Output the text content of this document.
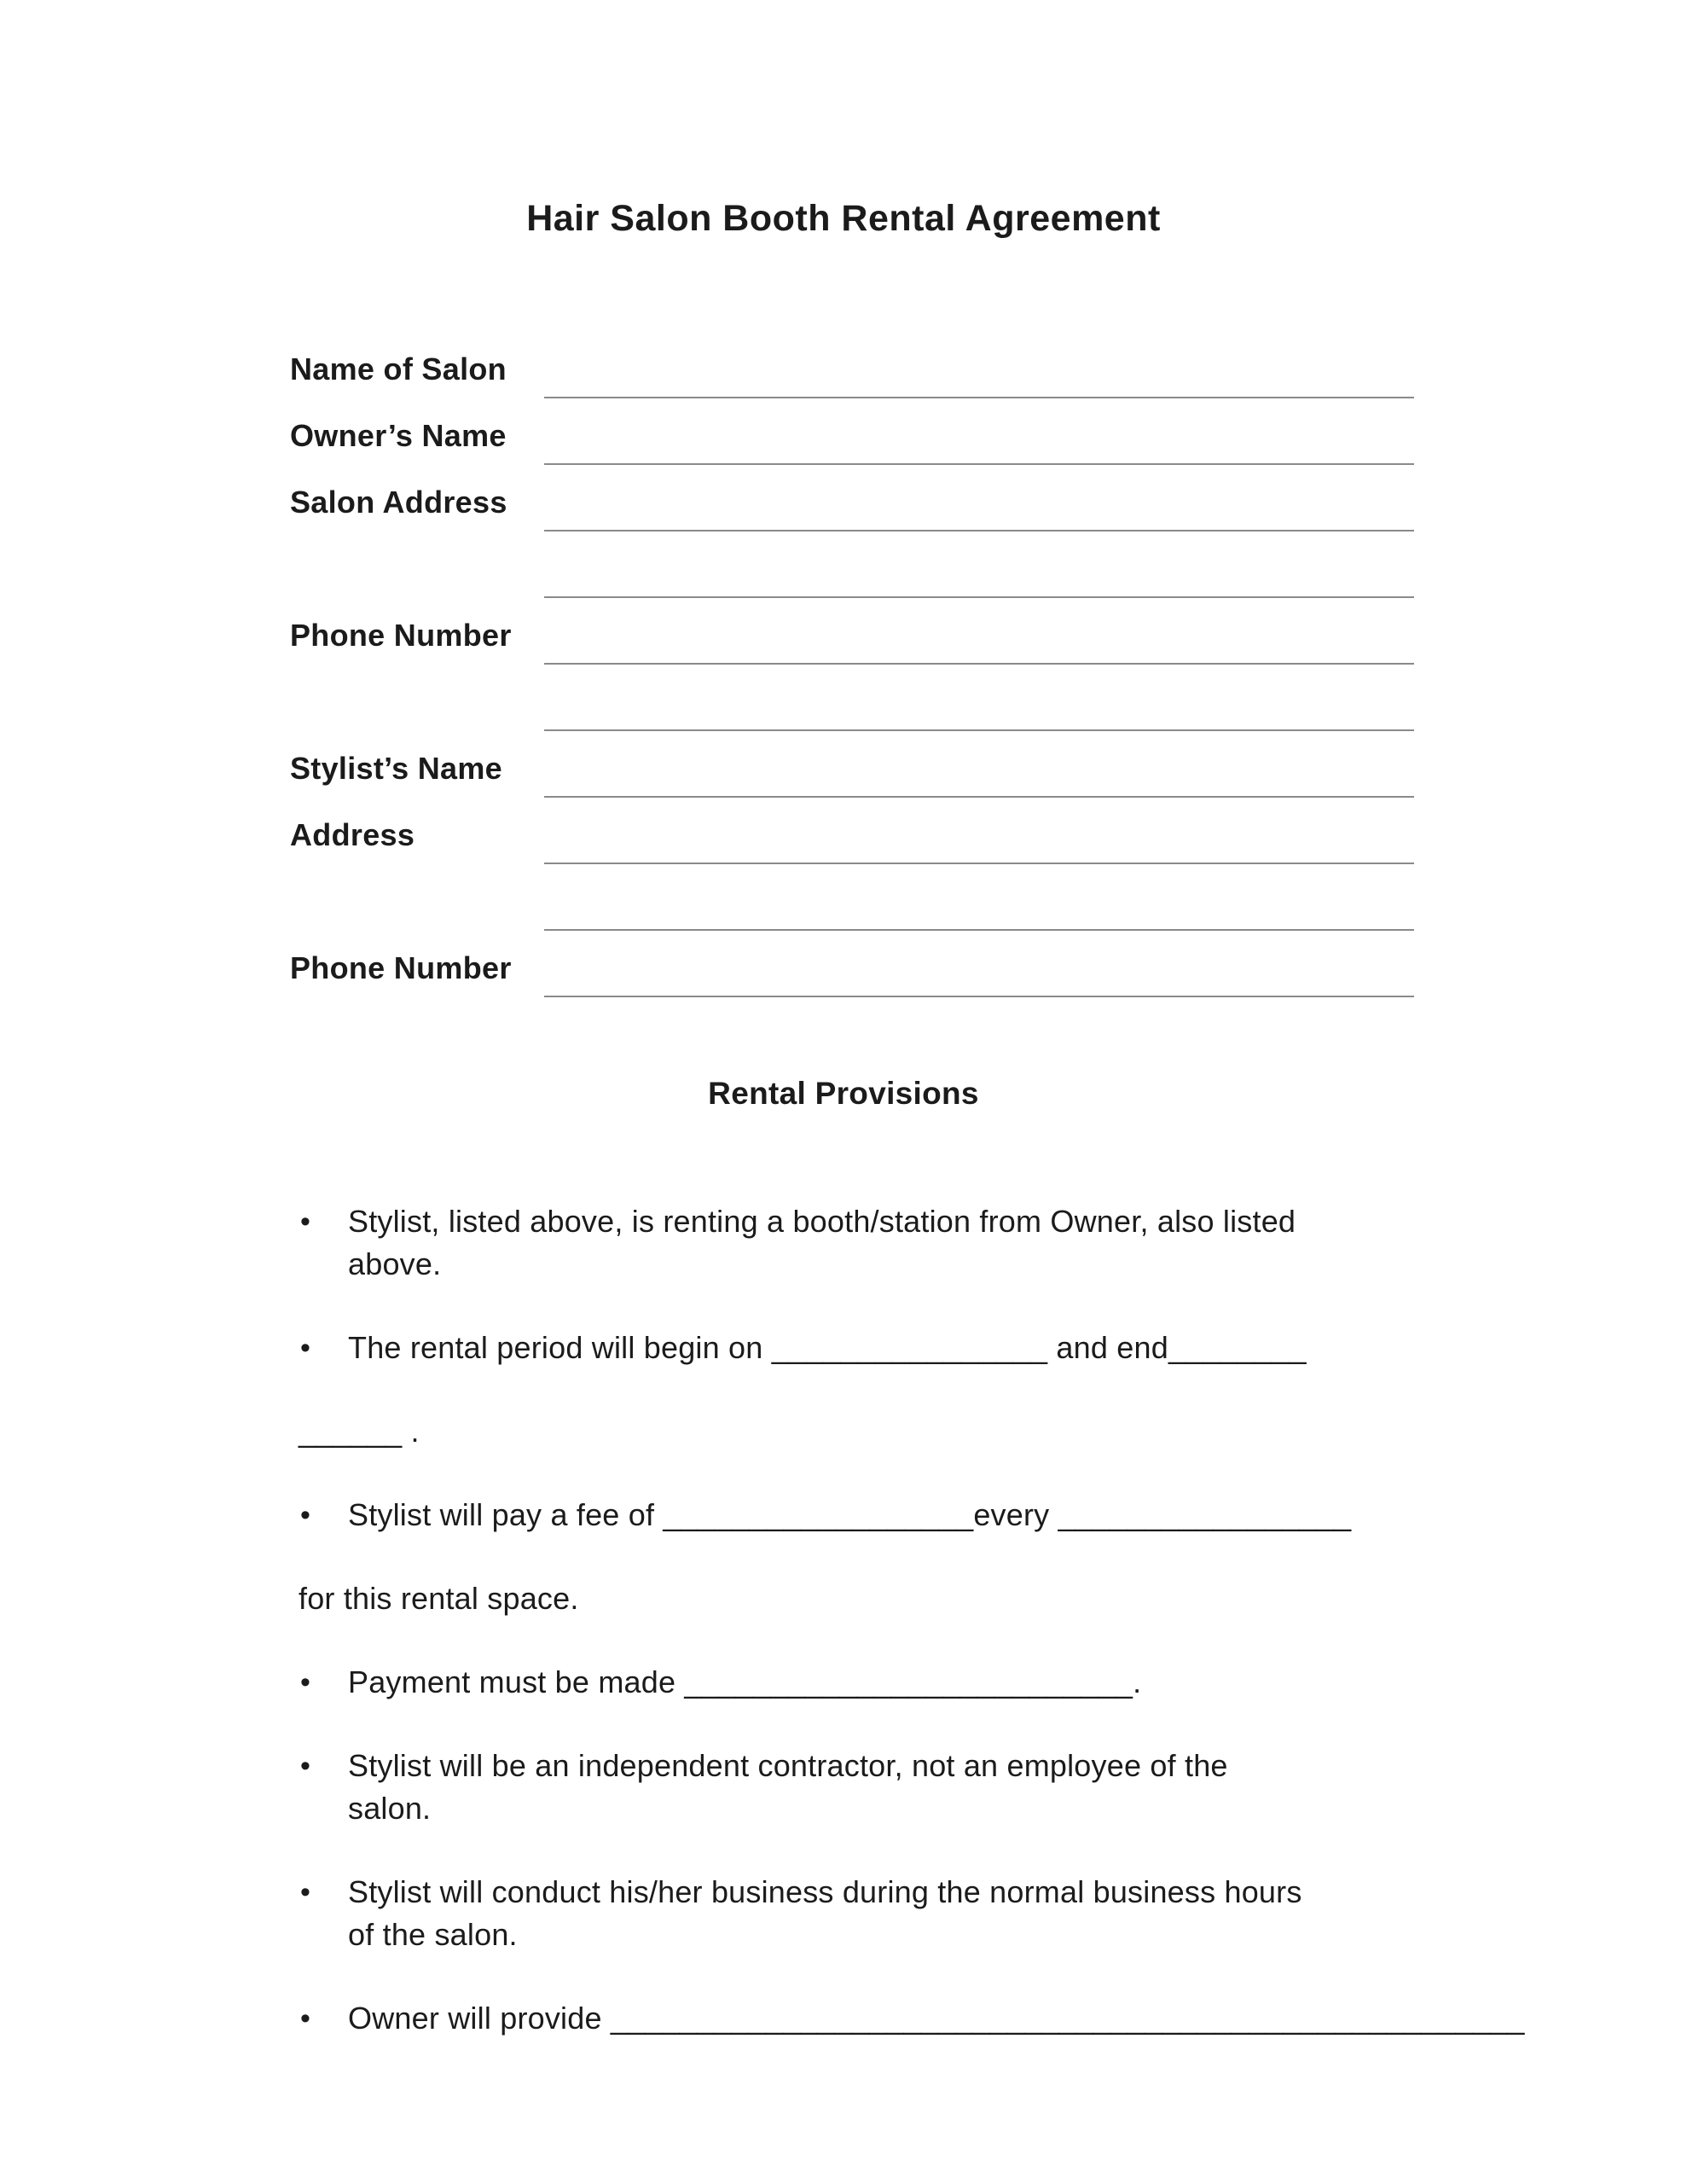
Hair Salon Booth Rental Agreement
Name of Salon
Owner’s Name
Salon Address
Phone Number
Stylist’s Name
Address
Phone Number
Rental Provisions
•	Stylist, listed above, is renting a booth/station from Owner, also listed
above.
•	The rental period will begin on ________________ and end________
______ .
•	Stylist will pay a fee of __________________every _________________
for this rental space.
•	Payment must be made __________________________.
•	Stylist will be an independent contractor, not an employee of the
salon.
•	Stylist will conduct his/her business during the normal business hours
of the salon.
•	Owner will provide _____________________________________________________
